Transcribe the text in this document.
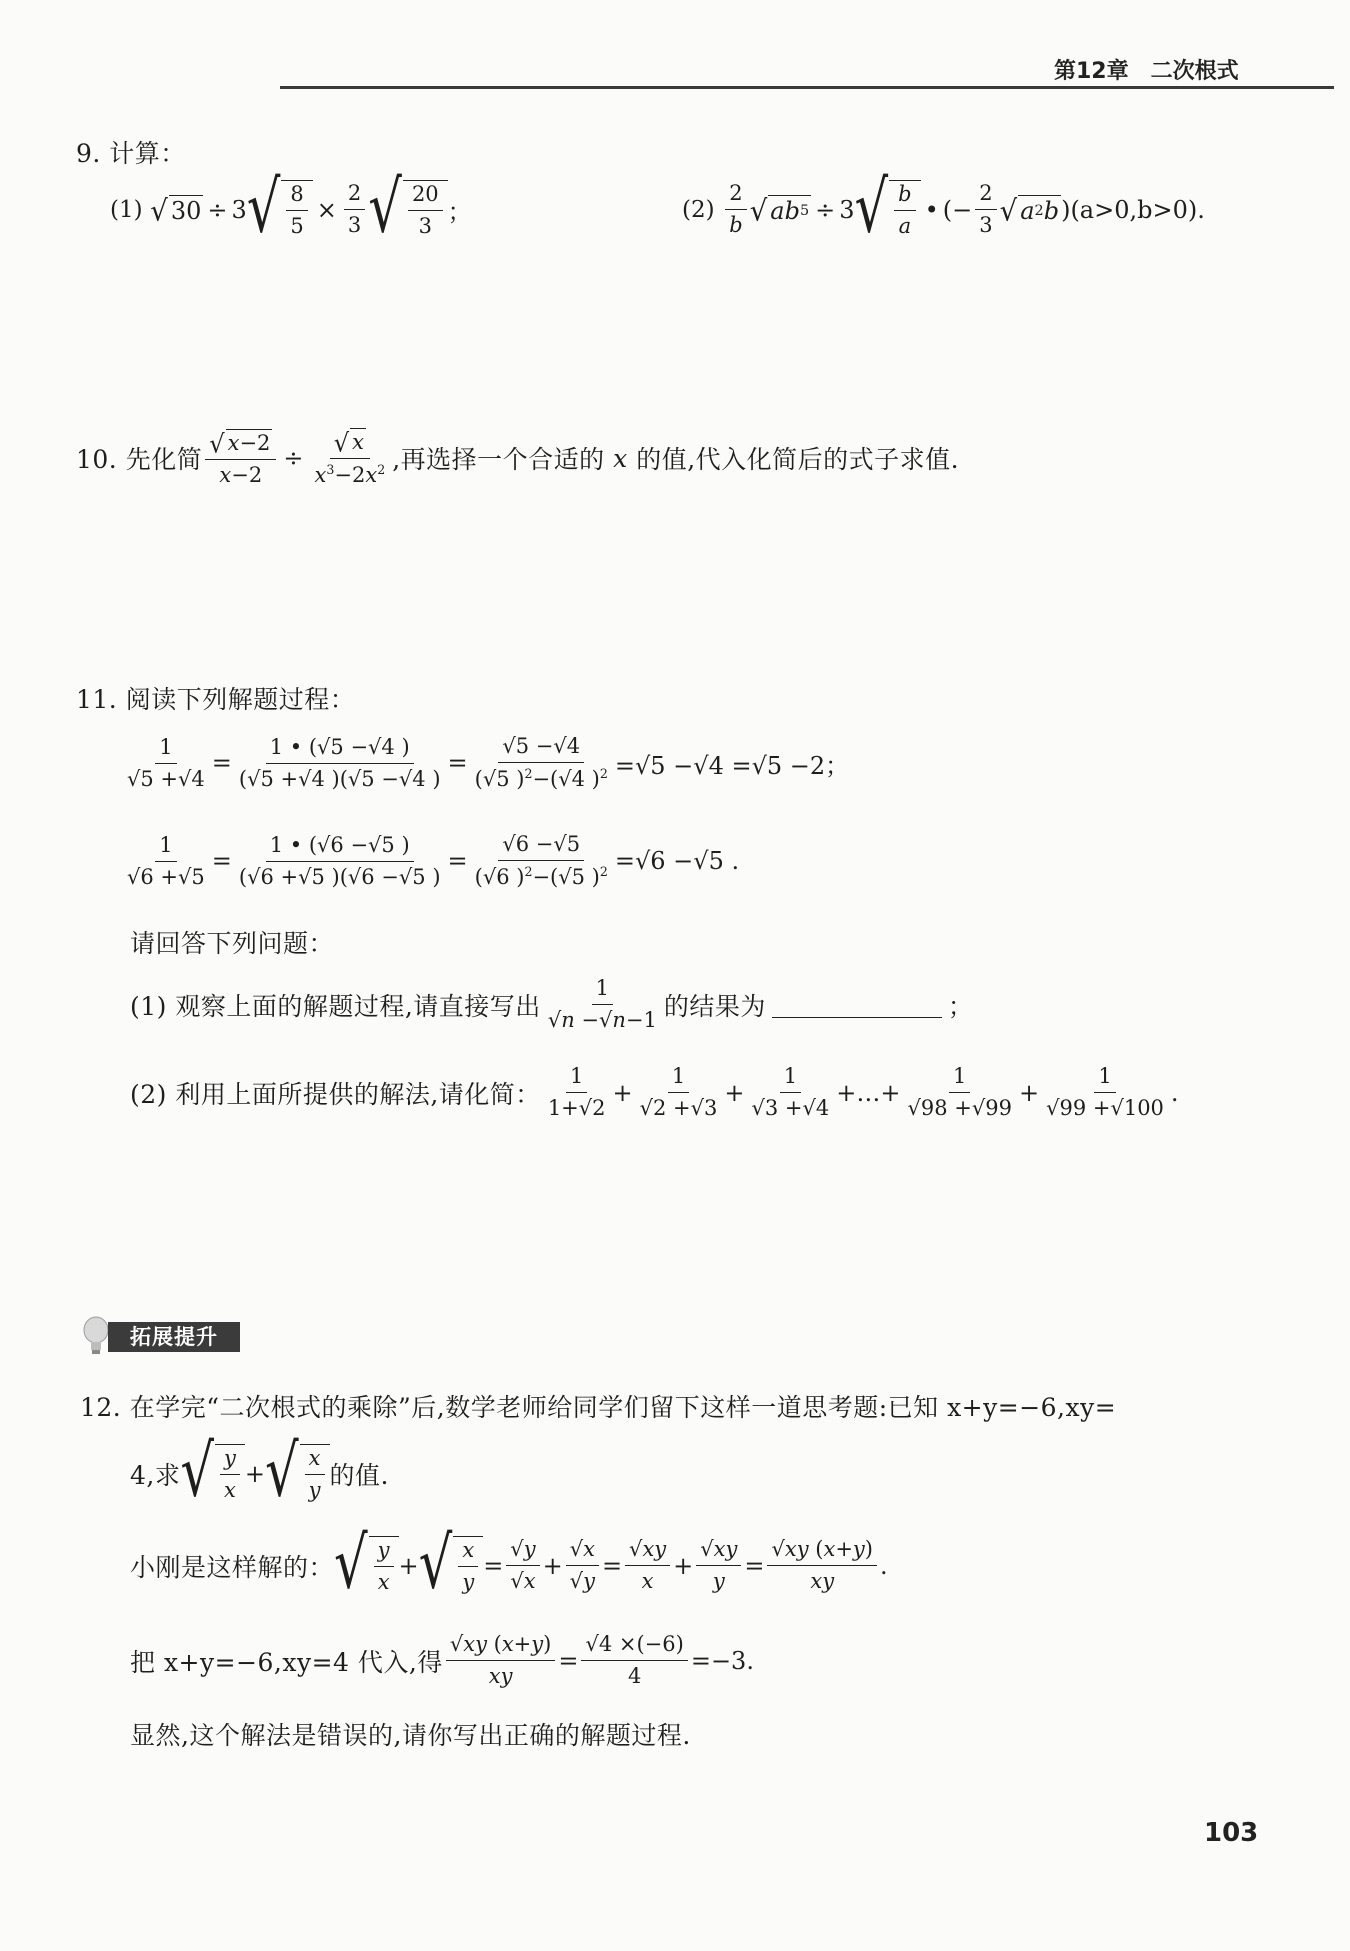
第12章 二次根式
9. 计算：
(1)
√ 30 ÷ 3 √ $\frac{8}{5} \times \frac{2}{3}$ √ $\frac{20}{3}$ ；	(2)
$\frac{2}{b}$ √ ab 5 ÷ 3 √ $\frac{b}{a}$ • (− $\frac{2}{3}$ √ a 2 b ) (a>0,b>0).
10. 先化简 $\frac{√ x -2}{x-2} \div \frac{√ x}{x^3-2x^2}$ ,再选择一个合适的 x 的值,代入化简后的式子求值.
11. 阅读下列解题过程：
$\frac{1}{√5 +√4} = \frac{1 • (√5 -√4 )}{(√5 +√4 )(√5 -√4 )} = \frac{√5 -√4}{(√5 )^2-(√4 )^2} =√5 -√4 =√5 -2$；
$\frac{1}{√6 +√5} = \frac{1 • (√6 -√5 )}{(√6 +√5 )(√6 -√5 )} = \frac{√6 -√5}{(√6 )^2-(√5 )^2} =√6 -√5$ .
请回答下列问题：
(1) 观察上面的解题过程,请直接写出 $\frac{1}{√n -√n-1}$ 的结果为	；
(2) 利用上面所提供的解法,请化简： $\frac{1}{1+√2} + \frac{1}{√2 +√3} + \frac{1}{√3 +√4}$ +…+ $\frac{1}{√98 +√99} + \frac{1}{√99 +√100}$ .
拓展提升
12. 在学完“二次根式的乘除”后,数学老师给同学们留下这样一道思考题:已知 x+y=−6,xy=
4,求 √ $\frac{y}{x}$ + √ $\frac{x}{y}$ 的值.
小刚是这样解的： √ $\frac{y}{x}$ + √ $\frac{x}{y} = \frac{√y}{√x} + \frac{√x}{√y} = \frac{√xy}{x} + \frac{√xy}{y} = \frac{√xy (x+y)}{xy}$ .
把 x+y=−6,xy=4 代入,得 $\frac{√xy (x+y)}{xy} = \frac{√4 \times(-6)}{4} =-3$.
显然,这个解法是错误的,请你写出正确的解题过程.
103
